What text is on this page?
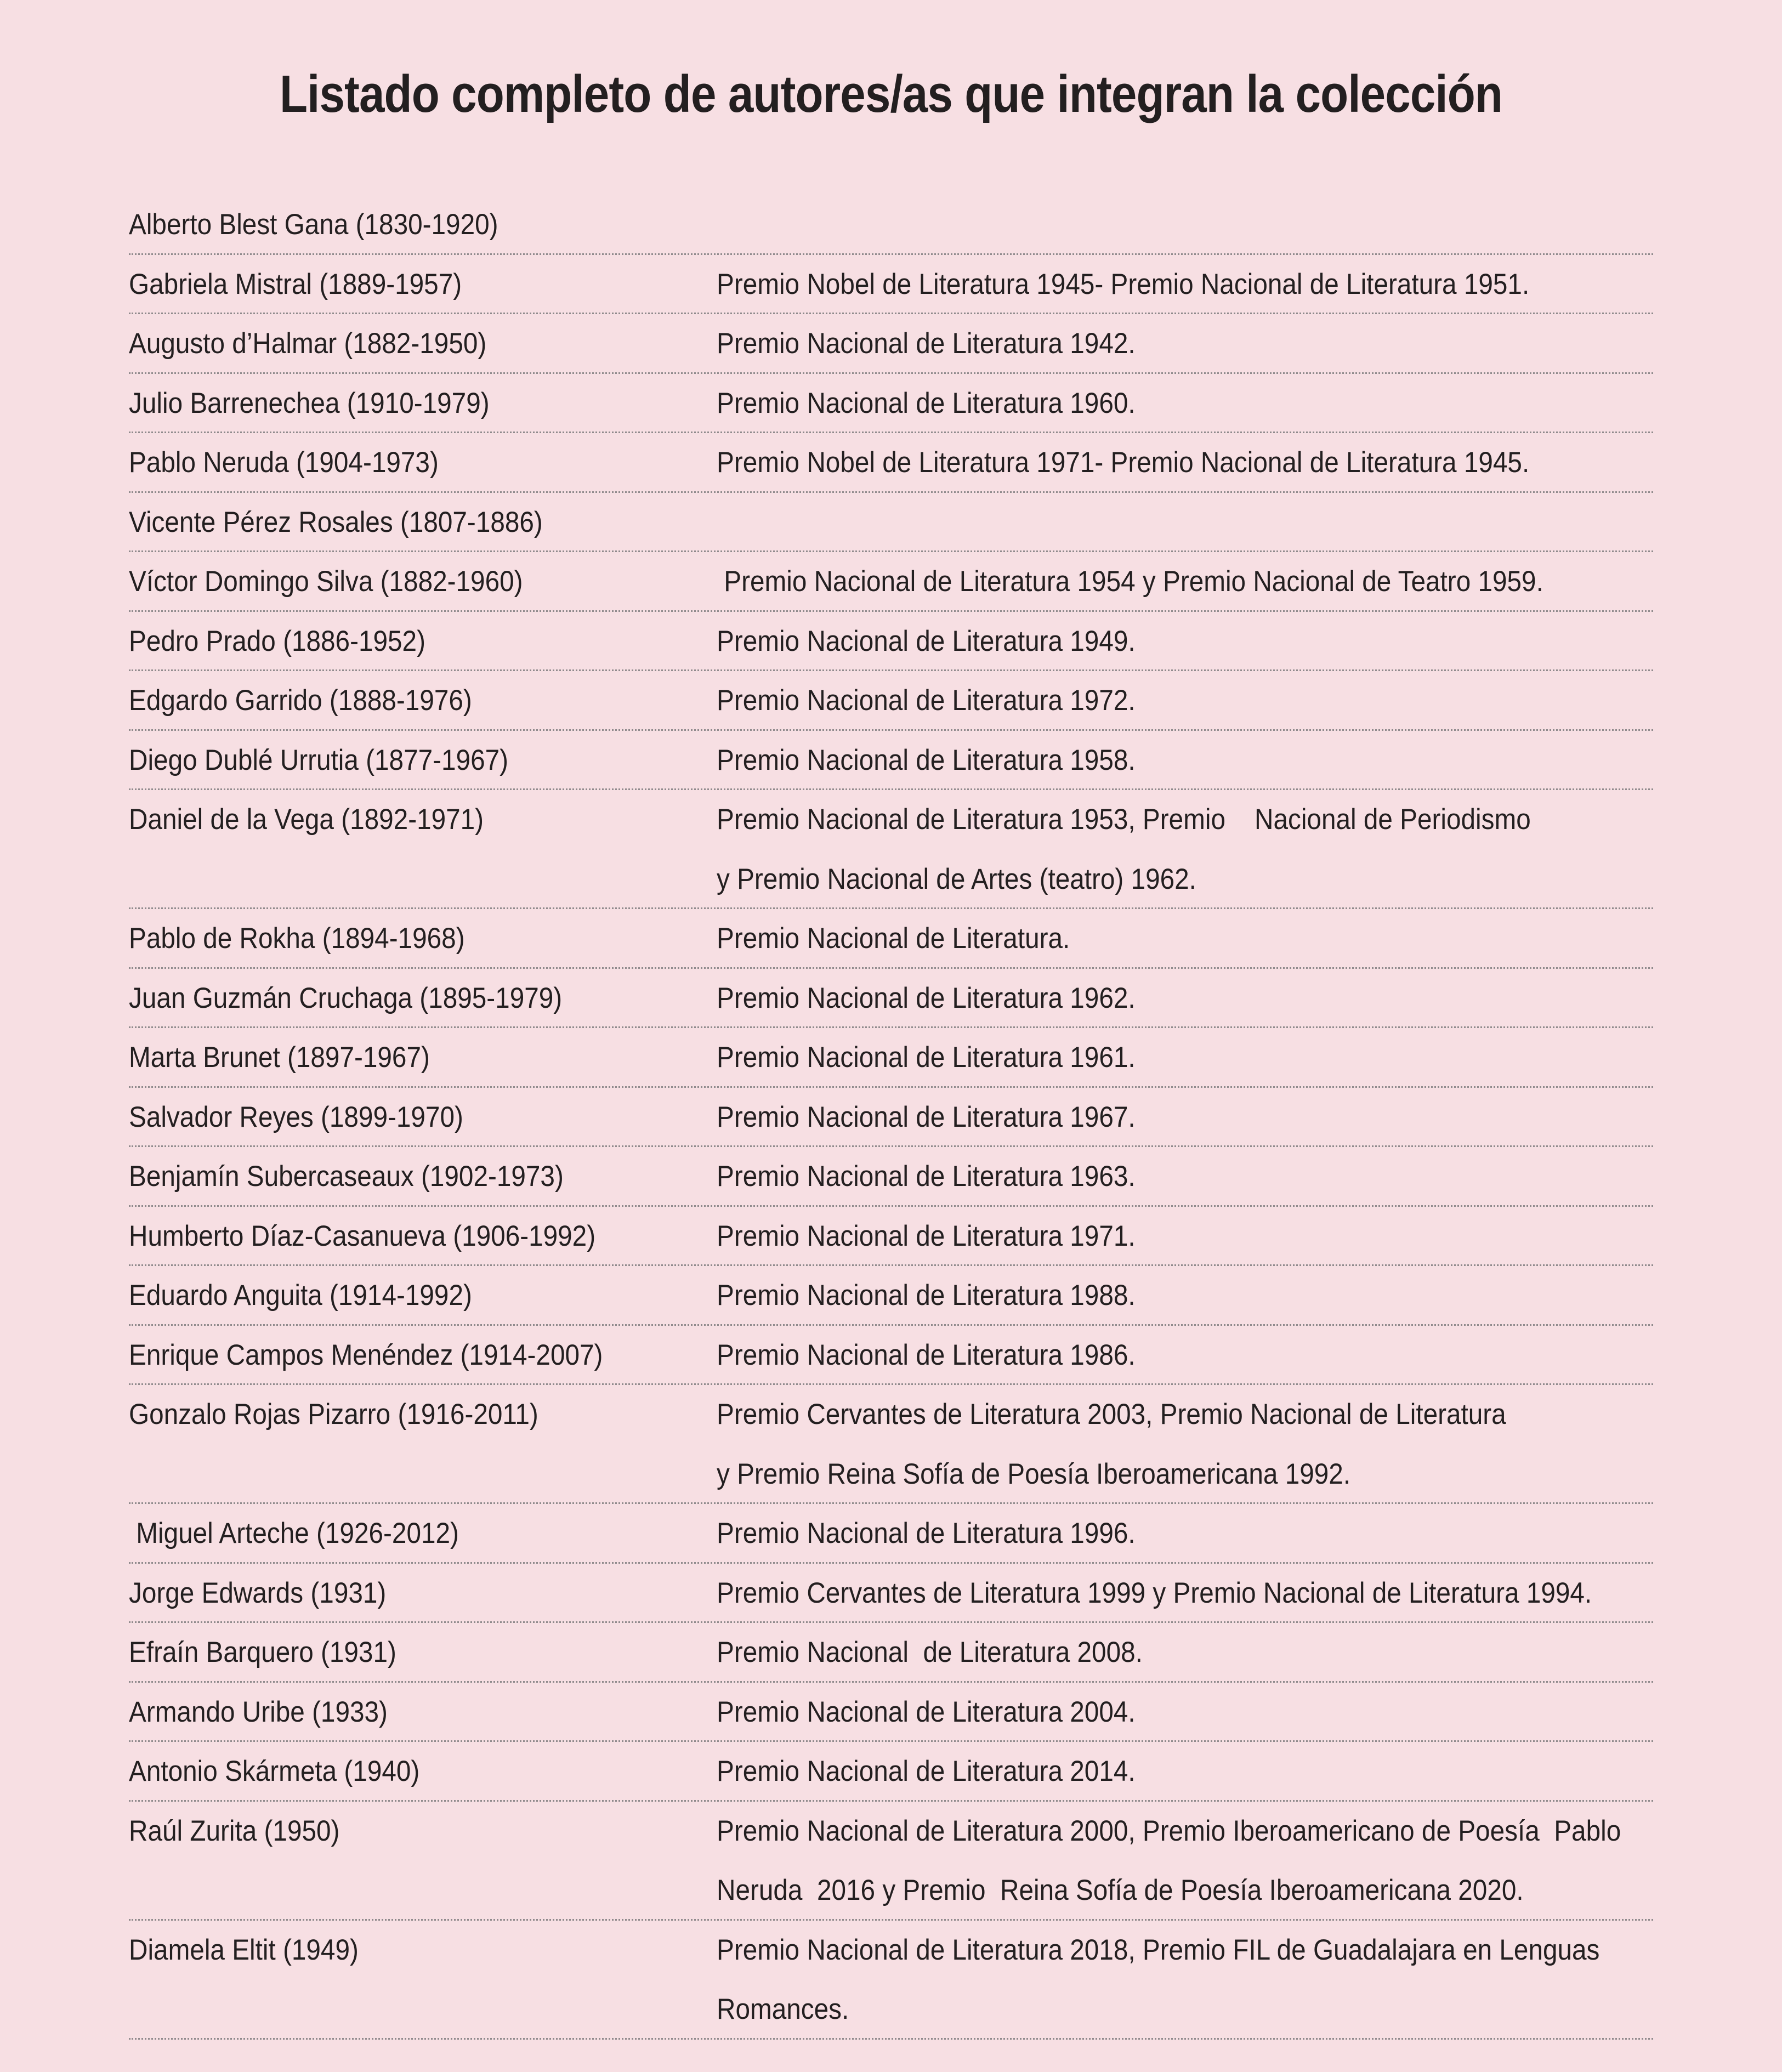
Listado completo de autores/as que integran la colección
Alberto Blest Gana (1830-1920)
Gabriela Mistral (1889-1957)	Premio Nobel de Literatura 1945- Premio Nacional de Literatura 1951.
Augusto d’Halmar (1882-1950)	Premio Nacional de Literatura 1942.
Julio Barrenechea (1910-1979)	Premio Nacional de Literatura 1960.
Pablo Neruda (1904-1973)	Premio Nobel de Literatura 1971- Premio Nacional de Literatura 1945.
Vicente Pérez Rosales (1807-1886)
Víctor Domingo Silva (1882-1960)	Premio Nacional de Literatura 1954 y Premio Nacional de Teatro 1959.
Pedro Prado (1886-1952)	Premio Nacional de Literatura 1949.
Edgardo Garrido (1888-1976)	Premio Nacional de Literatura 1972.
Diego Dublé Urrutia (1877-1967)	Premio Nacional de Literatura 1958.
Daniel de la Vega (1892-1971)	Premio Nacional de Literatura 1953, Premio    Nacional de Periodismo
y Premio Nacional de Artes (teatro) 1962.
Pablo de Rokha (1894-1968)	Premio Nacional de Literatura.
Juan Guzmán Cruchaga (1895-1979)	Premio Nacional de Literatura 1962.
Marta Brunet (1897-1967)	Premio Nacional de Literatura 1961.
Salvador Reyes (1899-1970)	Premio Nacional de Literatura 1967.
Benjamín Subercaseaux (1902-1973)	Premio Nacional de Literatura 1963.
Humberto Díaz-Casanueva (1906-1992)	Premio Nacional de Literatura 1971.
Eduardo Anguita (1914-1992)	Premio Nacional de Literatura 1988.
Enrique Campos Menéndez (1914-2007)	Premio Nacional de Literatura 1986.
Gonzalo Rojas Pizarro (1916-2011)	Premio Cervantes de Literatura 2003, Premio Nacional de Literatura
y Premio Reina Sofía de Poesía Iberoamericana 1992.
Miguel Arteche (1926-2012)	Premio Nacional de Literatura 1996.
Jorge Edwards (1931)	Premio Cervantes de Literatura 1999 y Premio Nacional de Literatura 1994.
Efraín Barquero (1931)	Premio Nacional  de Literatura 2008.
Armando Uribe (1933)	Premio Nacional de Literatura 2004.
Antonio Skármeta (1940)	Premio Nacional de Literatura 2014.
Raúl Zurita (1950)	Premio Nacional de Literatura 2000, Premio Iberoamericano de Poesía  Pablo
Neruda  2016 y Premio  Reina Sofía de Poesía Iberoamericana 2020.
Diamela Eltit (1949)	Premio Nacional de Literatura 2018, Premio FIL de Guadalajara en Lenguas
Romances.
